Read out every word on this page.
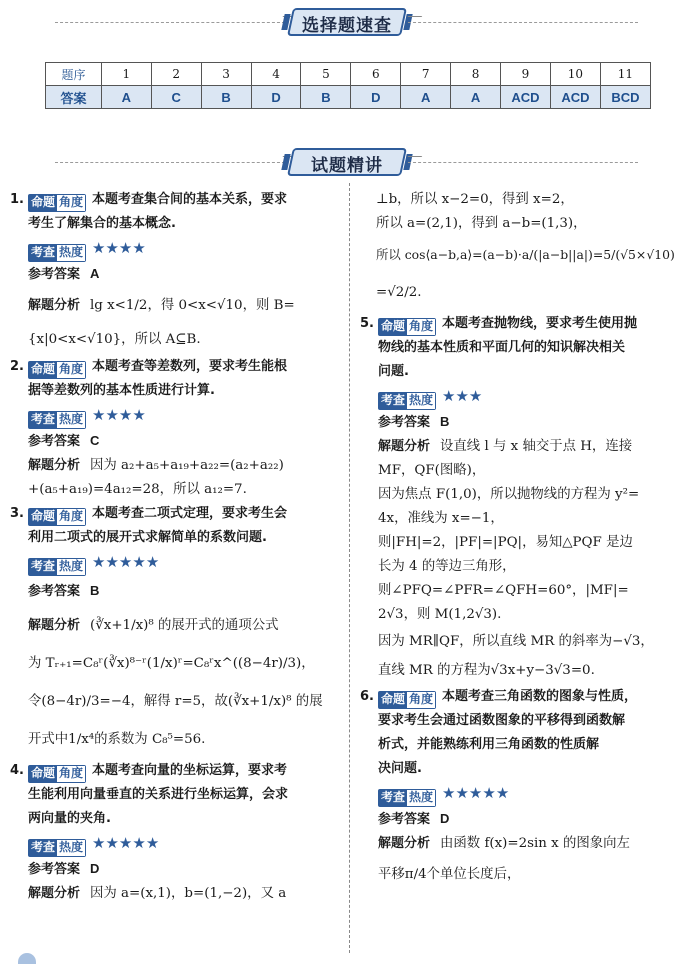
选择题速查
题序	1	2	3	4	5	6	7	8	9	10	11
答案	A	C	B	D	B	D	A	A	ACD	ACD	BCD
试题精讲
1. 命题 角度 本题考查集合间的基本关系，要求
考生了解集合的基本概念.
考查 热度 ★★★★
参考答案 A
解题分析 lg x<1/2，得 0<x<√10，则 B=
{x|0<x<√10}，所以 A⊆B.
2. 命题 角度 本题考查等差数列，要求考生能根
据等差数列的基本性质进行计算.
考查 热度 ★★★★
参考答案 C
解题分析 因为 a₂+a₅+a₁₉+a₂₂=(a₂+a₂₂)
+(a₅+a₁₉)=4a₁₂=28，所以 a₁₂=7.
3. 命题 角度 本题考查二项式定理，要求考生会
利用二项式的展开式求解简单的系数问题.
考查 热度 ★★★★★
参考答案 B
解题分析 (∛x+1/x)⁸ 的展开式的通项公式
为 Tᵣ₊₁=C₈ʳ(∛x)⁸⁻ʳ(1/x)ʳ=C₈ʳx^((8−4r)/3)，
令(8−4r)/3=−4，解得 r=5，故(∛x+1/x)⁸ 的展
开式中1/x⁴的系数为 C₈⁵=56.
4. 命题 角度 本题考查向量的坐标运算，要求考
生能利用向量垂直的关系进行坐标运算，会求
两向量的夹角.
考查 热度 ★★★★★
参考答案 D
解题分析 因为 a=(x,1)，b=(1,−2)，又 a
⊥b，所以 x−2=0，得到 x=2，
所以 a=(2,1)，得到 a−b=(1,3)，
所以 cos⟨a−b,a⟩=(a−b)·a/(|a−b||a|)=5/(√5×√10)
=√2/2.
5. 命题 角度 本题考查抛物线，要求考生使用抛
物线的基本性质和平面几何的知识解决相关
问题.
考查 热度 ★★★
参考答案 B
解题分析 设直线 l 与 x 轴交于点 H，连接
MF，QF(图略)，
因为焦点 F(1,0)，所以抛物线的方程为 y²=
4x，准线为 x=−1，
则|FH|=2，|PF|=|PQ|，易知△PQF 是边
长为 4 的等边三角形，
则∠PFQ=∠PFR=∠QFH=60°，|MF|=
2√3，则 M(1,2√3).
因为 MR∥QF，所以直线 MR 的斜率为−√3，
直线 MR 的方程为√3x+y−3√3=0.
6. 命题 角度 本题考查三角函数的图象与性质，
要求考生会通过函数图象的平移得到函数解
析式，并能熟练利用三角函数的性质解
决问题.
考查 热度 ★★★★★
参考答案 D
解题分析 由函数 f(x)=2sin x 的图象向左
平移π/4个单位长度后，
